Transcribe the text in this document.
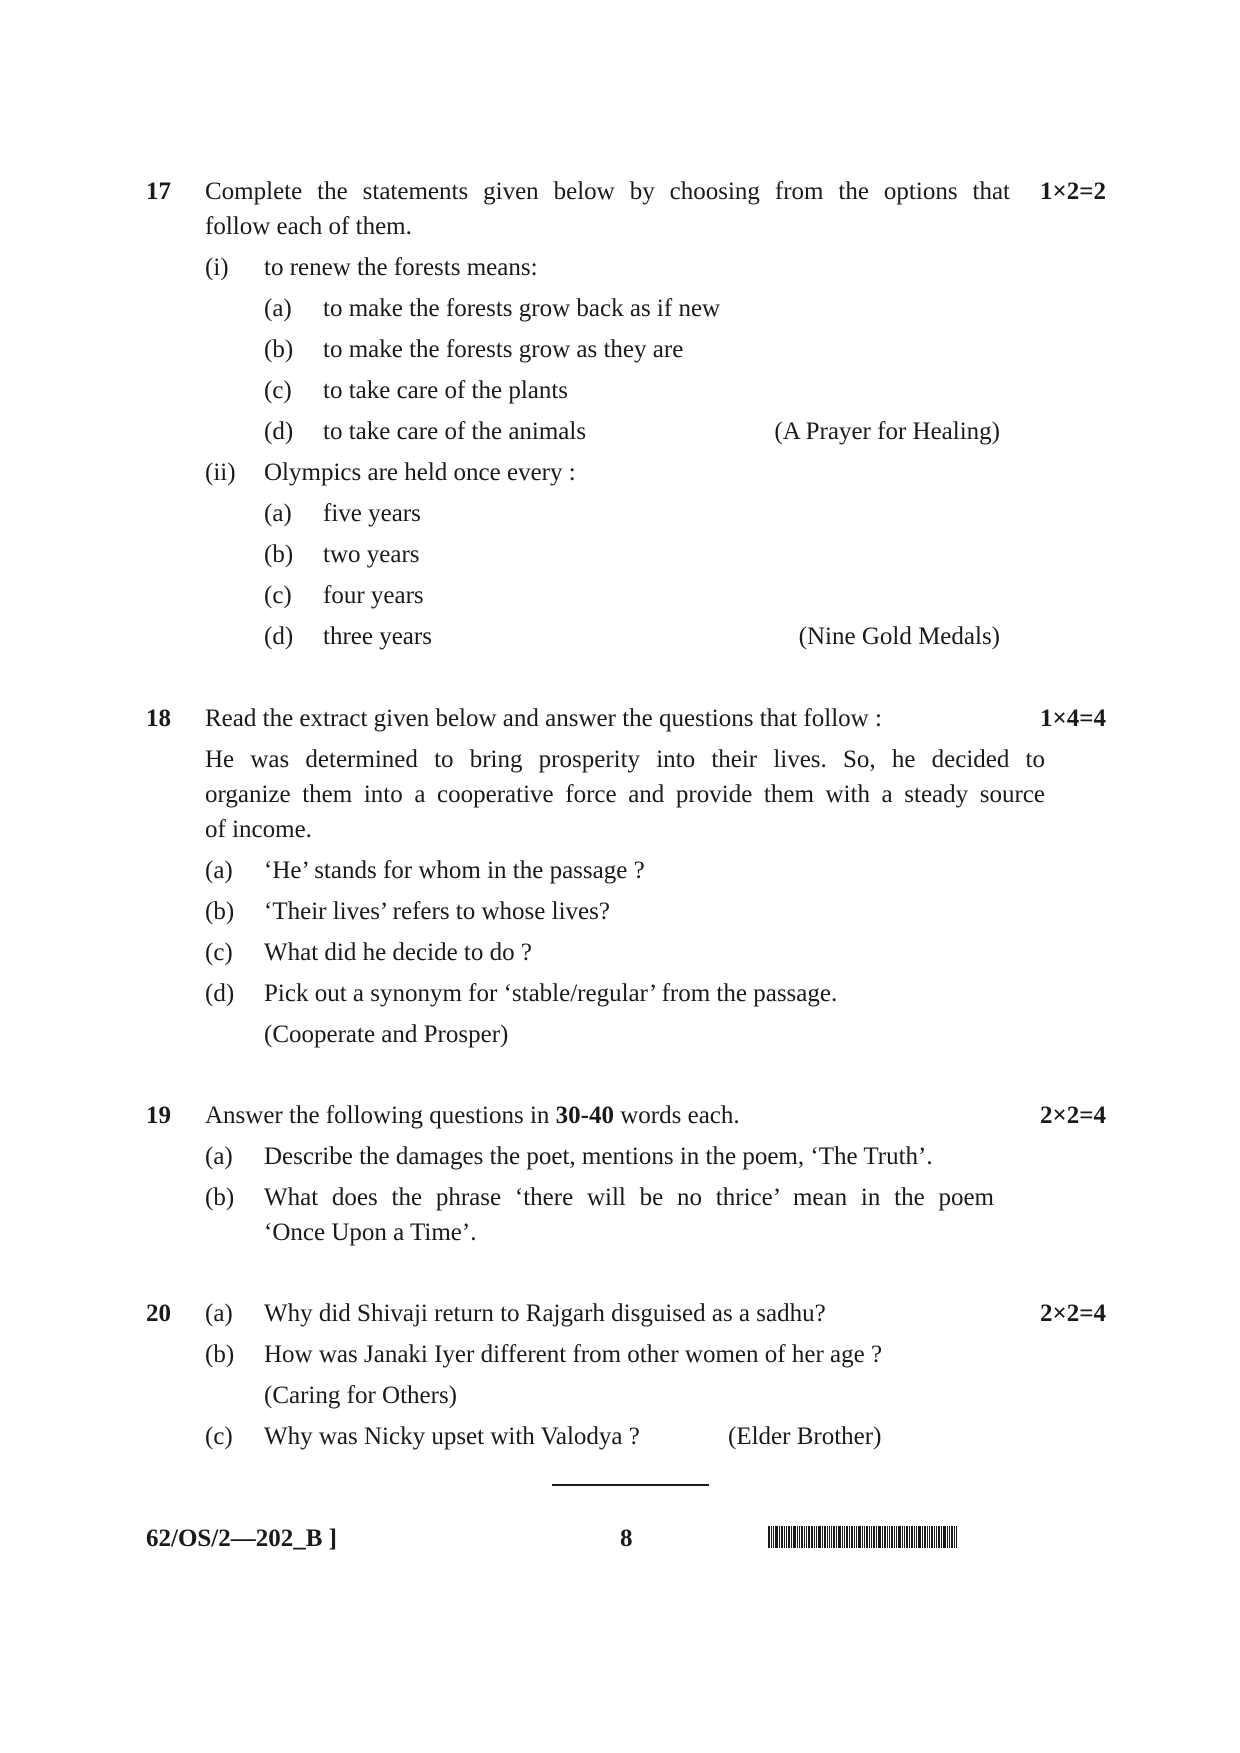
17 Complete the statements given below by choosing from the options that 1×2=2
follow each of them.
(i) to renew the forests means:
(a) to make the forests grow back as if new
(b) to make the forests grow as they are
(c) to take care of the plants
(d) to take care of the animals	(A Prayer for Healing)
(ii) Olympics are held once every :
(a) five years
(b) two years
(c) four years
(d) three years	(Nine Gold Medals)
18 Read the extract given below and answer the questions that follow :	1×4=4
He was determined to bring prosperity into their lives. So, he decided to
organize them into a cooperative force and provide them with a steady source
of income.
(a) ‘He’ stands for whom in the passage ?
(b) ‘Their lives’ refers to whose lives?
(c) What did he decide to do ?
(d) Pick out a synonym for ‘stable/regular’ from the passage.
(Cooperate and Prosper)
19 Answer the following questions in 30-40 words each.	2×2=4
(a) Describe the damages the poet, mentions in the poem, ‘The Truth’.
(b) What does the phrase ‘there will be no thrice’ mean in the poem
‘Once Upon a Time’.
20 (a) Why did Shivaji return to Rajgarh disguised as a sadhu?	2×2=4
(b) How was Janaki Iyer different from other women of her age ?
(Caring for Others)
(c) Why was Nicky upset with Valodya ?	(Elder Brother)
62/OS/2—202_B ]	8
